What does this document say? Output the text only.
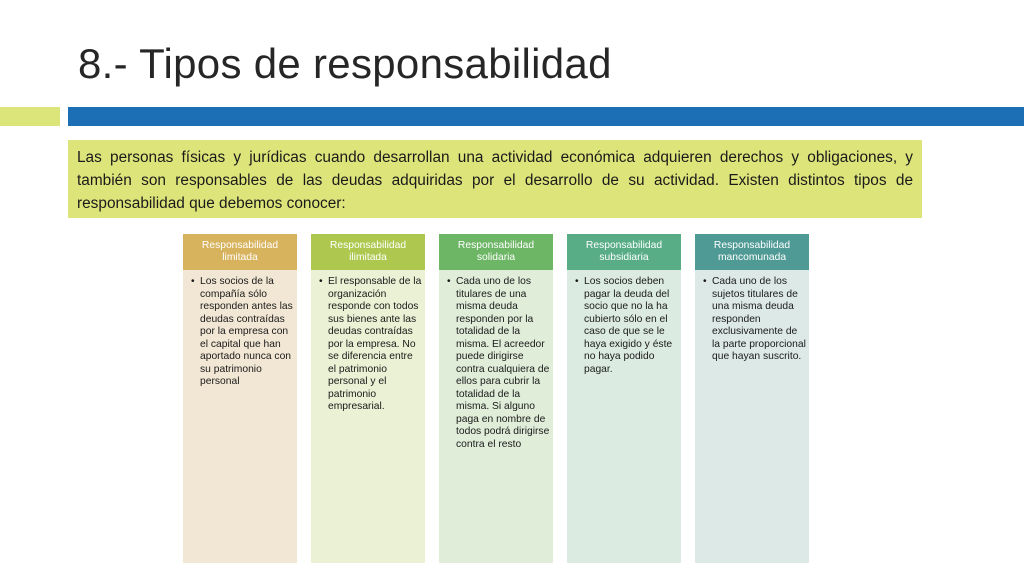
8.- Tipos de responsabilidad
Las personas físicas y jurídicas cuando desarrollan una actividad económica adquieren derechos y obligaciones, y también son responsables de las deudas adquiridas por el desarrollo de su actividad. Existen distintos tipos de responsabilidad que debemos conocer:
Responsabilidad limitada
• Los socios de la compañía sólo responden antes las deudas contraídas por la empresa con el capital que han aportado nunca con su patrimonio personal
Responsabilidad ilimitada
• El responsable de la organización responde con todos sus bienes ante las deudas contraídas por la empresa. No se diferencia entre el patrimonio personal y el patrimonio empresarial.
Responsabilidad solidaria
• Cada uno de los titulares de una misma deuda responden por la totalidad de la misma. El acreedor puede dirigirse contra cualquiera de ellos para cubrir la totalidad de la misma. Si alguno paga en nombre de todos podrá dirigirse contra el resto
Responsabilidad subsidiaria
• Los socios deben pagar la deuda del socio que no la ha cubierto sólo en el caso de que se le haya exigido y éste no haya podido pagar.
Responsabilidad mancomunada
• Cada uno de los sujetos titulares de una misma deuda responden exclusivamente de la parte proporcional que hayan suscrito.
